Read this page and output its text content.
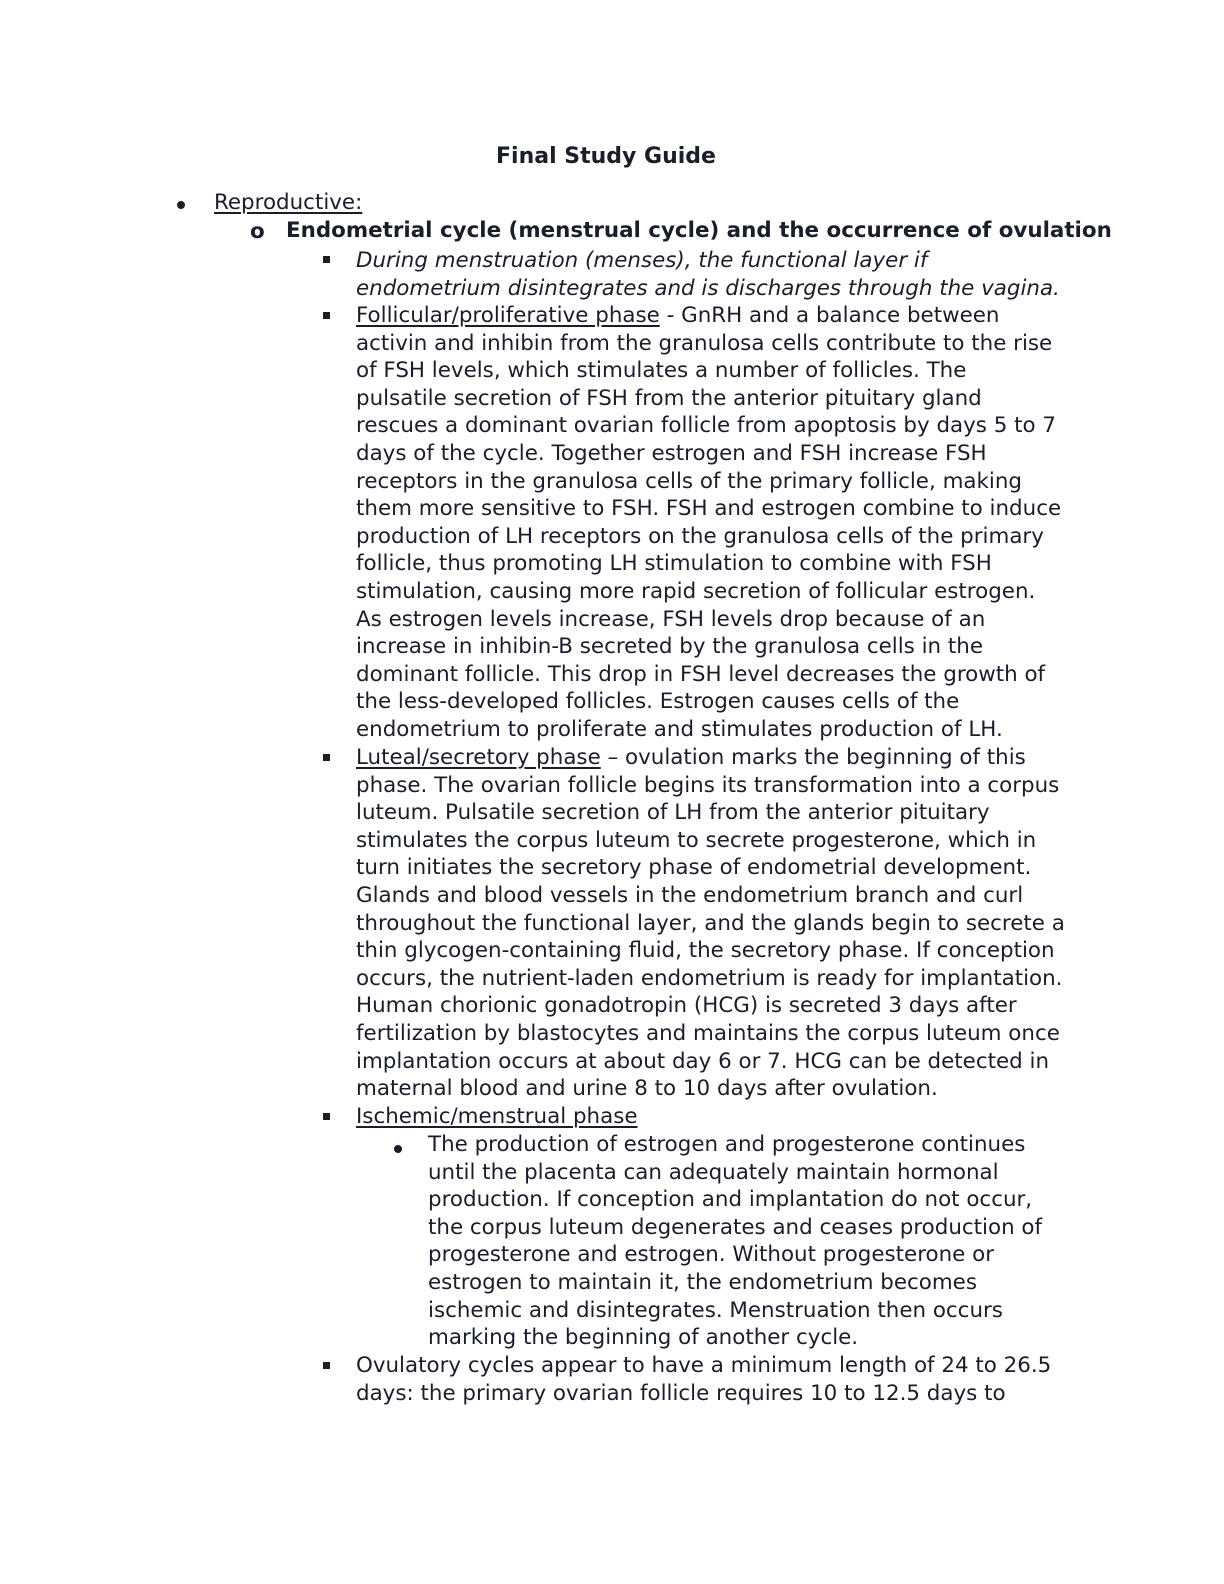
Final Study Guide
Reproductive:
o Endometrial cycle (menstrual cycle) and the occurrence of ovulation
During menstruation (menses), the functional layer if
endometrium disintegrates and is discharges through the vagina.
Follicular/proliferative phase - GnRH and a balance between
activin and inhibin from the granulosa cells contribute to the rise
of FSH levels, which stimulates a number of follicles. The
pulsatile secretion of FSH from the anterior pituitary gland
rescues a dominant ovarian follicle from apoptosis by days 5 to 7
days of the cycle. Together estrogen and FSH increase FSH
receptors in the granulosa cells of the primary follicle, making
them more sensitive to FSH. FSH and estrogen combine to induce
production of LH receptors on the granulosa cells of the primary
follicle, thus promoting LH stimulation to combine with FSH
stimulation, causing more rapid secretion of follicular estrogen.
As estrogen levels increase, FSH levels drop because of an
increase in inhibin-B secreted by the granulosa cells in the
dominant follicle. This drop in FSH level decreases the growth of
the less-developed follicles. Estrogen causes cells of the
endometrium to proliferate and stimulates production of LH.
Luteal/secretory phase – ovulation marks the beginning of this
phase. The ovarian follicle begins its transformation into a corpus
luteum. Pulsatile secretion of LH from the anterior pituitary
stimulates the corpus luteum to secrete progesterone, which in
turn initiates the secretory phase of endometrial development.
Glands and blood vessels in the endometrium branch and curl
throughout the functional layer, and the glands begin to secrete a
thin glycogen-containing fluid, the secretory phase. If conception
occurs, the nutrient-laden endometrium is ready for implantation.
Human chorionic gonadotropin (HCG) is secreted 3 days after
fertilization by blastocytes and maintains the corpus luteum once
implantation occurs at about day 6 or 7. HCG can be detected in
maternal blood and urine 8 to 10 days after ovulation.
Ischemic/menstrual phase
The production of estrogen and progesterone continues
until the placenta can adequately maintain hormonal
production. If conception and implantation do not occur,
the corpus luteum degenerates and ceases production of
progesterone and estrogen. Without progesterone or
estrogen to maintain it, the endometrium becomes
ischemic and disintegrates. Menstruation then occurs
marking the beginning of another cycle.
Ovulatory cycles appear to have a minimum length of 24 to 26.5
days: the primary ovarian follicle requires 10 to 12.5 days to
